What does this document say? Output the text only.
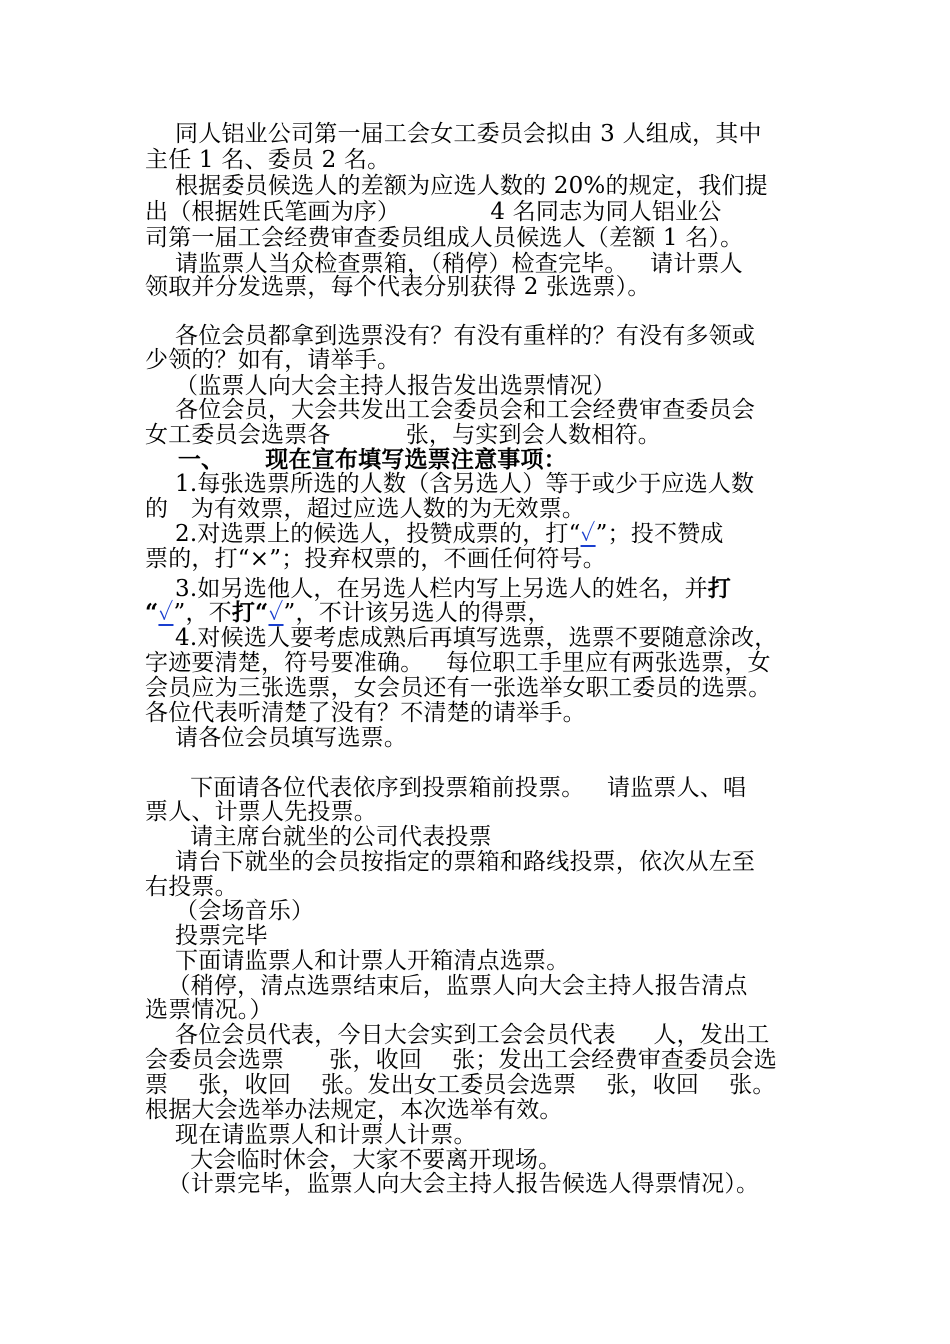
同人铝业公司第一届工会女工委员会拟由 3 人组成，其中
主任 1 名、委员 2 名。
根据委员候选人的差额为应选人数的 20%的规定，我们提
出（根据姓氏笔画为序）            4 名同志为同人铝业公
司第一届工会经费审查委员组成人员候选人（差额 1 名）。
请监票人当众检查票箱，（稍停）检查完毕。   请计票人
领取并分发选票，每个代表分别获得 2 张选票）。
各位会员都拿到选票没有？有没有重样的？有没有多领或
少领的？如有，请举手。
（监票人向大会主持人报告发出选票情况）
各位会员，大会共发出工会委员会和工会经费审查委员会
女工委员会选票各          张，与实到会人数相符。
一、     现在宣布填写选票注意事项：
1.每张选票所选的人数（含另选人）等于或少于应选人数
的   为有效票，超过应选人数的为无效票。
2.对选票上的候选人，投赞成票的，打“✓”；投不赞成
票的，打“×”；投弃权票的，不画任何符号。
3.如另选他人，在另选人栏内写上另选人的姓名，并打
“✓”，不打“✓”，不计该另选人的得票，
4.对候选人要考虑成熟后再填写选票，选票不要随意涂改，
字迹要清楚，符号要准确。   每位职工手里应有两张选票，女
会员应为三张选票，女会员还有一张选举女职工委员的选票。
各位代表听清楚了没有？不清楚的请举手。
请各位会员填写选票。
下面请各位代表依序到投票箱前投票。   请监票人、唱
票人、计票人先投票。
请主席台就坐的公司代表投票
请台下就坐的会员按指定的票箱和路线投票，依次从左至
右投票。
（会场音乐）
投票完毕
下面请监票人和计票人开箱清点选票。
（稍停，清点选票结束后，监票人向大会主持人报告清点
选票情况。）
各位会员代表，今日大会实到工会会员代表     人，发出工
会委员会选票      张，收回    张；发出工会经费审查委员会选
票    张，收回    张。发出女工委员会选票    张，收回    张。
根据大会选举办法规定，本次选举有效。
现在请监票人和计票人计票。
大会临时休会，大家不要离开现场。
（计票完毕，监票人向大会主持人报告候选人得票情况）。
